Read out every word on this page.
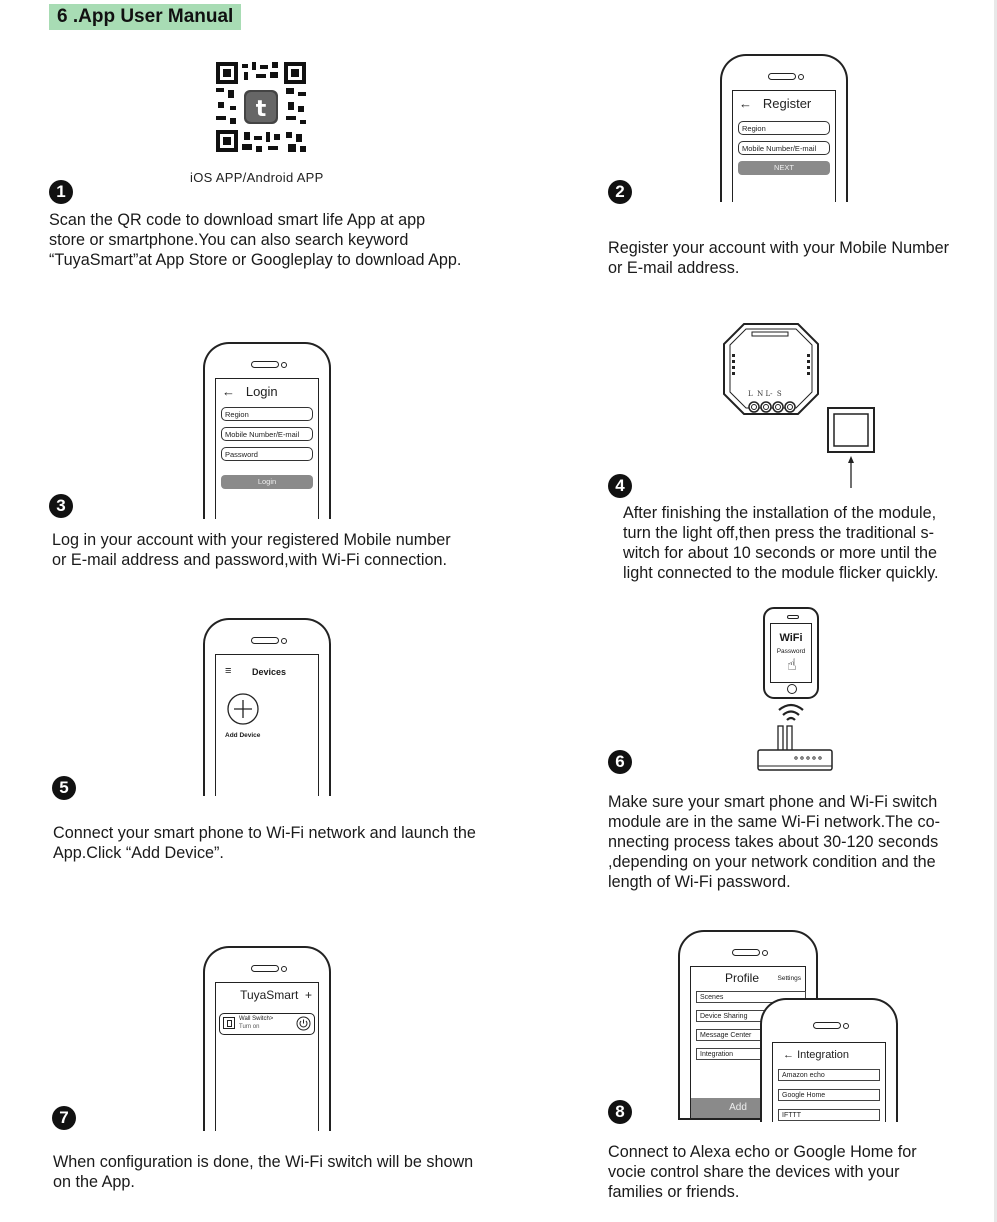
6 .App User Manual
t
iOS APP/Android APP
1
Scan the QR code to download smart life App at app
store or smartphone.You can also search keyword
“TuyaSmart”at App Store or Googleplay to download App.
← Register
Region
Mobile Number/E-mail
NEXT
2
Register your account with your Mobile Number
or E-mail address.
← Login
Region
Mobile Number/E-mail
Password
Login
3
Log in your account with your registered Mobile number
or E-mail address and password,with Wi-Fi connection.
L  N L-  S
4
After finishing the installation of the module,
turn the light off,then press the traditional s-
witch for about 10 seconds or more until the
light connected to the module flicker quickly.
≡ Devices
Add Device
5
Connect your smart phone to Wi-Fi network and launch the
App.Click “Add Device”.
WiFi
Password
☝
6
Make sure your smart phone and Wi-Fi switch
module are in the same Wi-Fi network.The co-
nnecting process takes about 30-120 seconds
,depending on your network condition and the
length of Wi-Fi password.
TuyaSmart +
Wall Switch>
Turn on
7
When configuration is done, the Wi-Fi switch will be shown
on the App.
Profile	Settings
Scenes
Device Sharing
Message Center
Integration
Add
← Integration
Amazon echo
Google Home
IFTTT
8
Connect to Alexa echo or Google Home for
vocie control share the devices with your
families or friends.
